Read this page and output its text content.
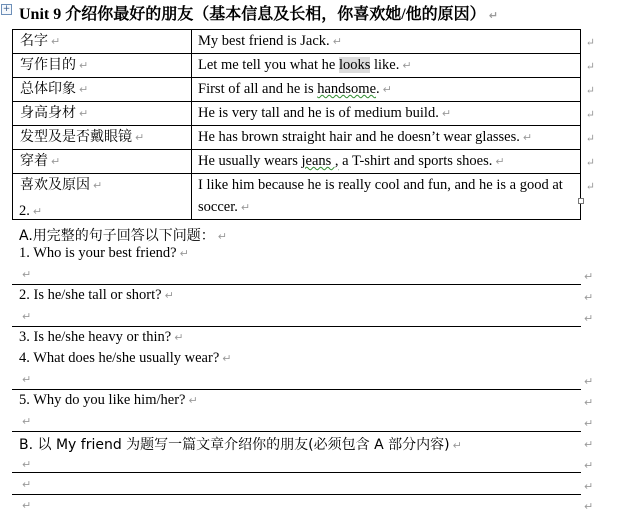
+ Unit 9 介绍你最好的朋友（基本信息及长相，你喜欢她/他的原因） ↵
名字 ↵	My best friend is Jack. ↵ ↵

写作目的 ↵	Let me tell you what he looks like. ↵ ↵

总体印象 ↵	First of all and he is handsome. ↵ ↵

身高身材 ↵	He is very tall and he is of medium build. ↵ ↵

发型及是否戴眼镜 ↵	He has brown straight hair and he doesn’t wear glasses. ↵ ↵

穿着 ↵	He usually wears jeans , a T-shirt and sports shoes. ↵ ↵

喜欢及原因 ↵	I like him because he is really cool and fun, and he is a good at soccer. ↵
↵
2. ↵
A.用完整的句子回答以下问题： ↵
1. Who is your best friend? ↵
↵	↵
2. Is he/she tall or short? ↵	↵
↵	↵
3. Is he/she heavy or thin? ↵
4. What does he/she usually wear? ↵
↵	↵
5. Why do you like him/her? ↵	↵
↵	↵
B. 以 My friend 为题写一篇文章介绍你的朋友(必须包含 A 部分内容) ↵	↵
↵	↵
↵	↵
↵	↵
